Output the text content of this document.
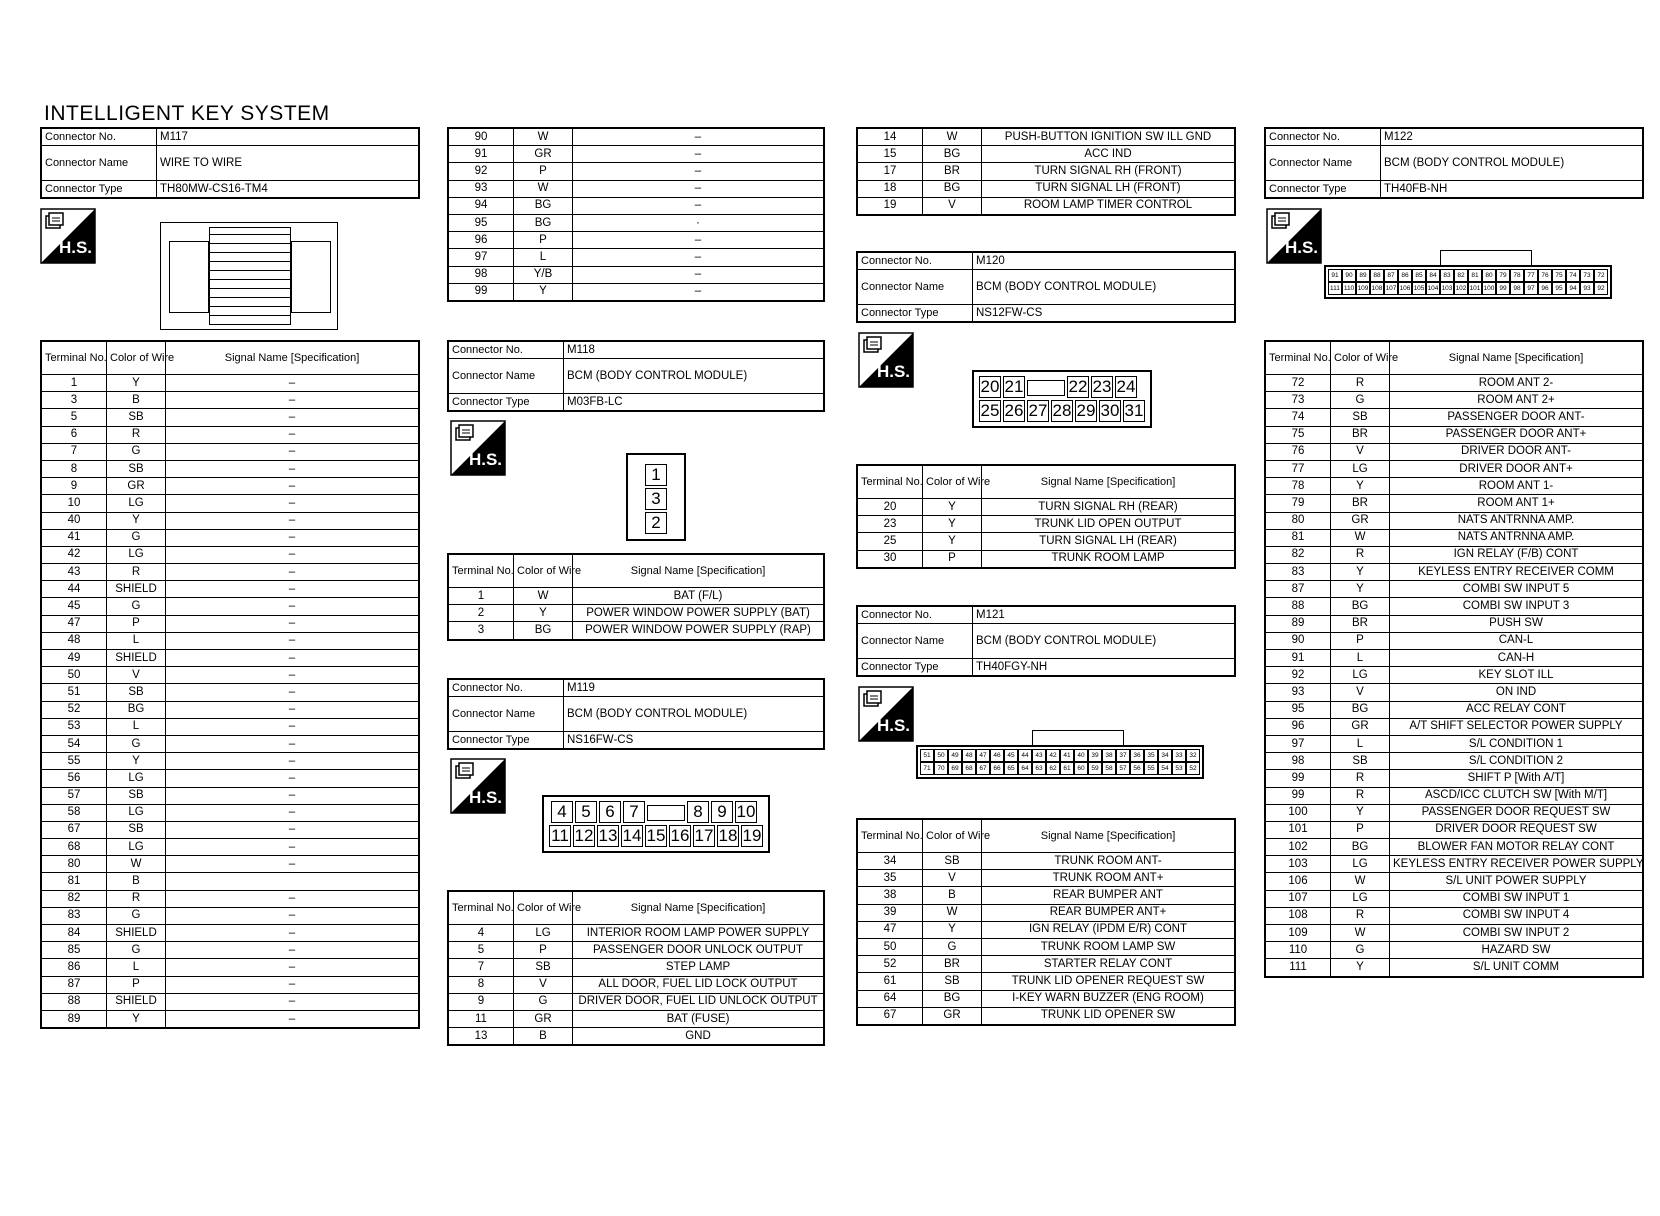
INTELLIGENT KEY SYSTEM
Connector No.	M117
Connector Name	WIRE TO WIRE
Connector Type	TH80MW-CS16-TM4
H.S.
Terminal No.	Color of Wire	Signal Name [Specification]
1	Y	–
3	B	–
5	SB	–
6	R	–
7	G	–
8	SB	–
9	GR	–
10	LG	–
40	Y	–
41	G	–
42	LG	–
43	R	–
44	SHIELD	–
45	G	–
47	P	–
48	L	–
49	SHIELD	–
50	V	–
51	SB	–
52	BG	–
53	L	–
54	G	–
55	Y	–
56	LG	–
57	SB	–
58	LG	–
67	SB	–
68	LG	–
80	W	–
81	B	
82	R	–
83	G	–
84	SHIELD	–
85	G	–
86	L	–
87	P	–
88	SHIELD	–
89	Y	–
90	W	–
91	GR	–
92	P	–
93	W	–
94	BG	–
95	BG	·
96	P	–
97	L	–
98	Y/B	–
99	Y	–
Connector No.	M118
Connector Name	BCM (BODY CONTROL MODULE)
Connector Type	M03FB-LC
H.S.
13
2
Terminal No.	Color of Wire	Signal Name [Specification]
1	W	BAT (F/L)
2	Y	POWER WINDOW POWER SUPPLY (BAT)
3	BG	POWER WINDOW POWER SUPPLY (RAP)
Connector No.	M119
Connector Name	BCM (BODY CONTROL MODULE)
Connector Type	NS16FW-CS
H.S.
4 5 6 7	8 9 10
11 12 13 14 15 16 17 18 19
Terminal No.	Color of Wire	Signal Name [Specification]
4	LG	INTERIOR ROOM LAMP POWER SUPPLY
5	P	PASSENGER DOOR UNLOCK OUTPUT
7	SB	STEP LAMP
8	V	ALL DOOR, FUEL LID LOCK OUTPUT
9	G	DRIVER DOOR, FUEL LID UNLOCK OUTPUT
11	GR	BAT (FUSE)
13	B	GND
14	W	PUSH-BUTTON IGNITION SW ILL GND
15	BG	ACC IND
17	BR	TURN SIGNAL RH (FRONT)
18	BG	TURN SIGNAL LH (FRONT)
19	V	ROOM LAMP TIMER CONTROL
Connector No.	M120
Connector Name	BCM (BODY CONTROL MODULE)
Connector Type	NS12FW-CS
H.S.
20 21	22 23 24
25 26 27 28 29 30 31
Terminal No.	Color of Wire	Signal Name [Specification]
20	Y	TURN SIGNAL RH (REAR)
23	Y	TRUNK LID OPEN OUTPUT
25	Y	TURN SIGNAL LH (REAR)
30	P	TRUNK ROOM LAMP
Connector No.	M121
Connector Name	BCM (BODY CONTROL MODULE)
Connector Type	TH40FGY-NH
H.S.
51 50 49 48 47 46 45 44 43 42 41 40 39 38 37 36 35 34 33 32
71 70 69 68 67 66 65 64 63 62 61 60 59 58 57 56 55 54 53 52
Terminal No.	Color of Wire	Signal Name [Specification]
34	SB	TRUNK ROOM ANT-
35	V	TRUNK ROOM ANT+
38	B	REAR BUMPER ANT
39	W	REAR BUMPER ANT+
47	Y	IGN RELAY (IPDM E/R) CONT
50	G	TRUNK ROOM LAMP SW
52	BR	STARTER RELAY CONT
61	SB	TRUNK LID OPENER REQUEST SW
64	BG	I-KEY WARN BUZZER (ENG ROOM)
67	GR	TRUNK LID OPENER SW
Connector No.	M122
Connector Name	BCM (BODY CONTROL MODULE)
Connector Type	TH40FB-NH
H.S.
91 90 89 88 87 86 85 84 83 82 81 80 79 78 77 76 75 74 73 72
111 110 109 108 107 106 105 104 103 102 101 100 99 98 97 96 95 94 93 92
Terminal No.	Color of Wire	Signal Name [Specification]
72	R	ROOM ANT 2-
73	G	ROOM ANT 2+
74	SB	PASSENGER DOOR ANT-
75	BR	PASSENGER DOOR ANT+
76	V	DRIVER DOOR ANT-
77	LG	DRIVER DOOR ANT+
78	Y	ROOM ANT 1-
79	BR	ROOM ANT 1+
80	GR	NATS ANTRNNA AMP.
81	W	NATS ANTRNNA AMP.
82	R	IGN RELAY (F/B) CONT
83	Y	KEYLESS ENTRY RECEIVER COMM
87	Y	COMBI SW INPUT 5
88	BG	COMBI SW INPUT 3
89	BR	PUSH SW
90	P	CAN-L
91	L	CAN-H
92	LG	KEY SLOT ILL
93	V	ON IND
95	BG	ACC RELAY CONT
96	GR	A/T SHIFT SELECTOR POWER SUPPLY
97	L	S/L CONDITION 1
98	SB	S/L CONDITION 2
99	R	SHIFT P [With A/T]
99	R	ASCD/ICC CLUTCH SW [With M/T]
100	Y	PASSENGER DOOR REQUEST SW
101	P	DRIVER DOOR REQUEST SW
102	BG	BLOWER FAN MOTOR RELAY CONT
103	LG	KEYLESS ENTRY RECEIVER POWER SUPPLY
106	W	S/L UNIT POWER SUPPLY
107	LG	COMBI SW INPUT 1
108	R	COMBI SW INPUT 4
109	W	COMBI SW INPUT 2
110	G	HAZARD SW
111	Y	S/L UNIT COMM
